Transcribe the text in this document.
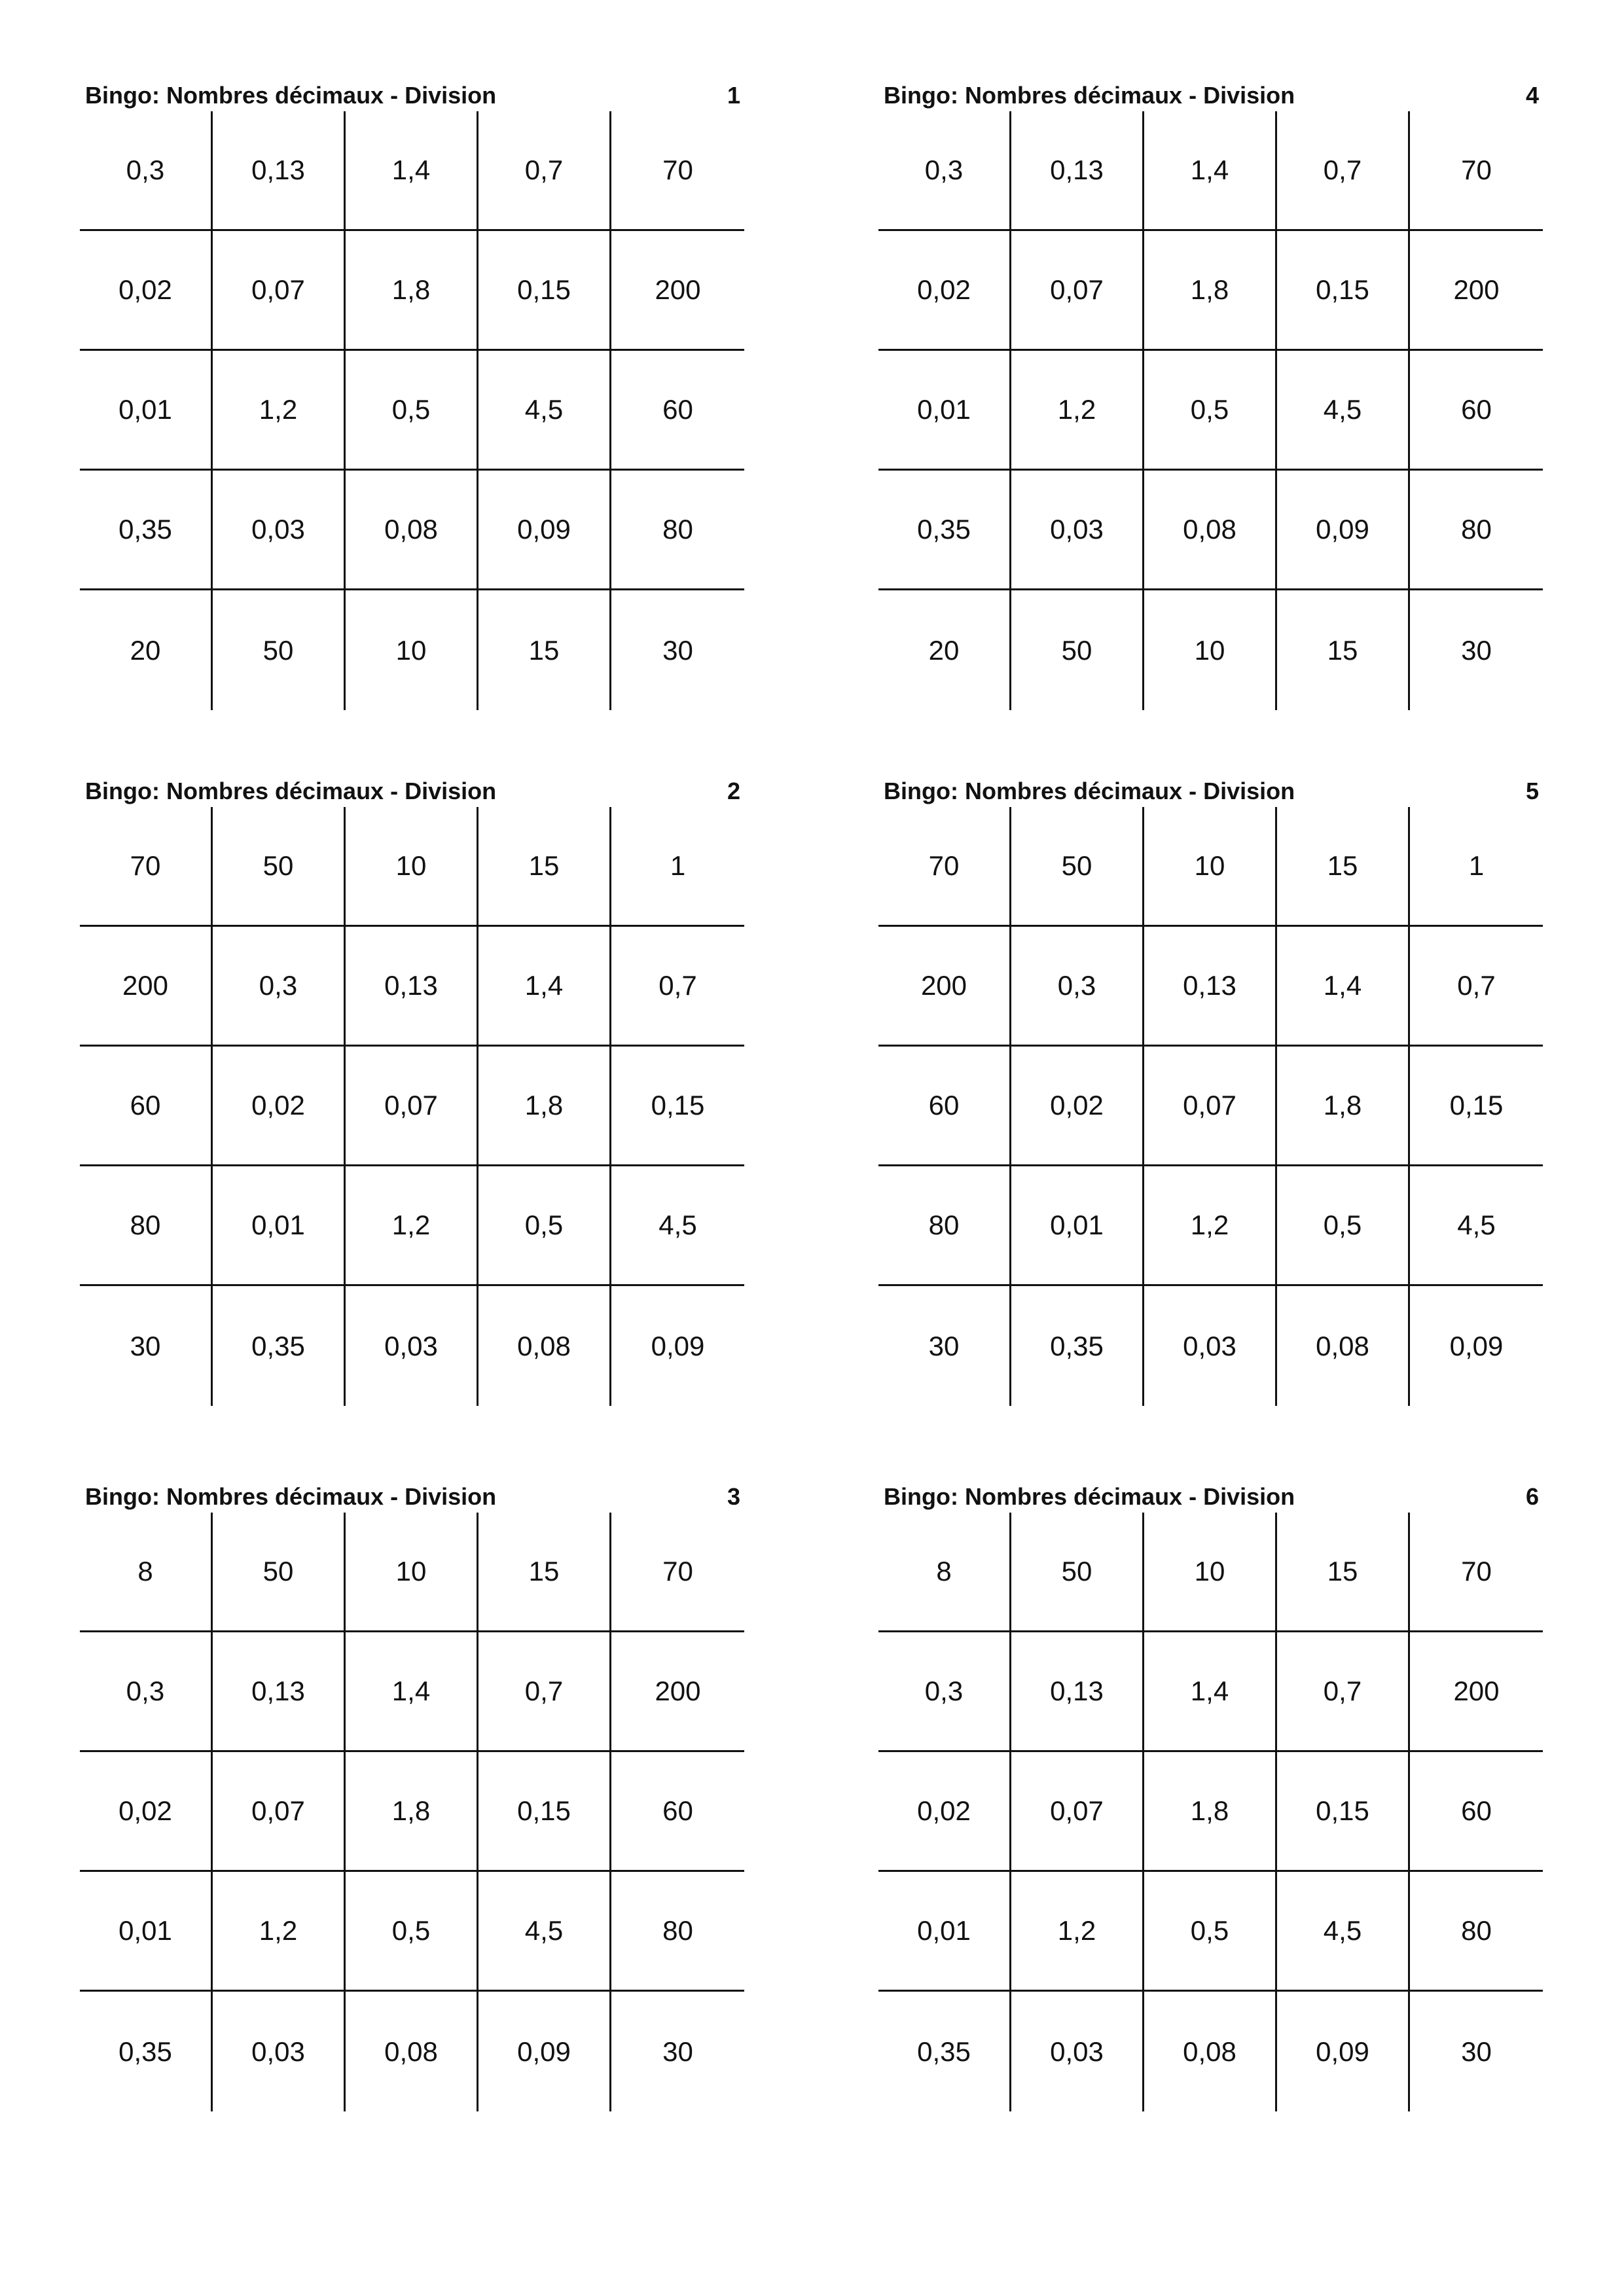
Bingo: Nombres décimaux - Division	1
0,3	0,13	1,4	0,7	70
0,02	0,07	1,8	0,15	200
0,01	1,2	0,5	4,5	60
0,35	0,03	0,08	0,09	80
20	50	10	15	30
Bingo: Nombres décimaux - Division	4
0,3	0,13	1,4	0,7	70
0,02	0,07	1,8	0,15	200
0,01	1,2	0,5	4,5	60
0,35	0,03	0,08	0,09	80
20	50	10	15	30
Bingo: Nombres décimaux - Division	2
70	50	10	15	1
200	0,3	0,13	1,4	0,7
60	0,02	0,07	1,8	0,15
80	0,01	1,2	0,5	4,5
30	0,35	0,03	0,08	0,09
Bingo: Nombres décimaux - Division	5
70	50	10	15	1
200	0,3	0,13	1,4	0,7
60	0,02	0,07	1,8	0,15
80	0,01	1,2	0,5	4,5
30	0,35	0,03	0,08	0,09
Bingo: Nombres décimaux - Division	3
8	50	10	15	70
0,3	0,13	1,4	0,7	200
0,02	0,07	1,8	0,15	60
0,01	1,2	0,5	4,5	80
0,35	0,03	0,08	0,09	30
Bingo: Nombres décimaux - Division	6
8	50	10	15	70
0,3	0,13	1,4	0,7	200
0,02	0,07	1,8	0,15	60
0,01	1,2	0,5	4,5	80
0,35	0,03	0,08	0,09	30
